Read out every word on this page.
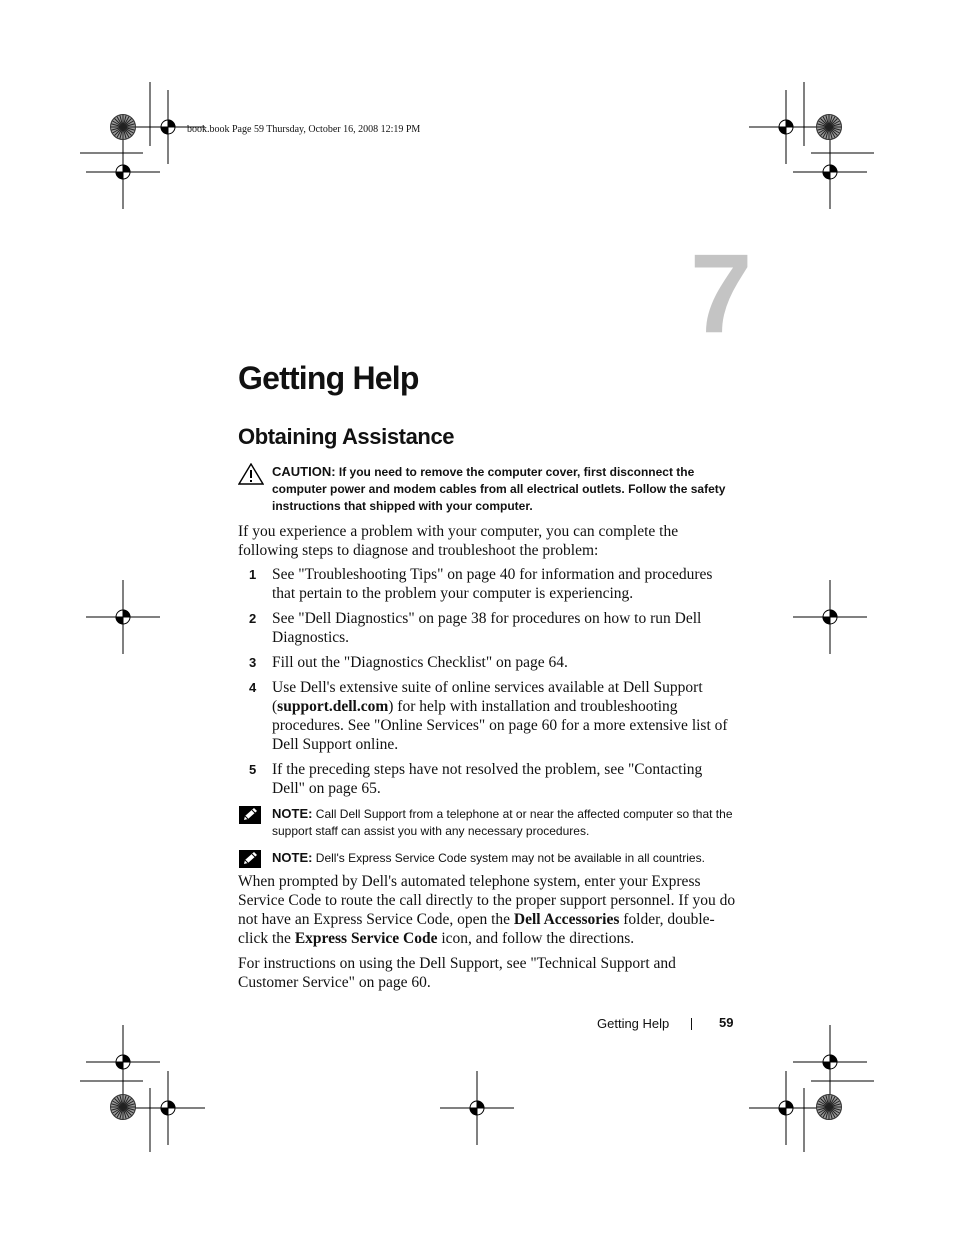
book.book Page 59 Thursday, October 16, 2008 12:19 PM
7
Getting Help
Obtaining Assistance
CAUTION: If you need to remove the computer cover, first disconnect the computer power and modem cables from all electrical outlets. Follow the safety instructions that shipped with your computer.

If you experience a problem with your computer, you can complete the following steps to diagnose and troubleshoot the problem:

1 See "Troubleshooting Tips" on page 40 for information and procedures that pertain to the problem your computer is experiencing.
2 See "Dell Diagnostics" on page 38 for procedures on how to run Dell Diagnostics.
3 Fill out the "Diagnostics Checklist" on page 64.
4 Use Dell's extensive suite of online services available at Dell Support (support.dell.com) for help with installation and troubleshooting procedures. See "Online Services" on page 60 for a more extensive list of Dell Support online.
5 If the preceding steps have not resolved the problem, see "Contacting Dell" on page 65.
NOTE: Call Dell Support from a telephone at or near the affected computer so that the support staff can assist you with any necessary procedures.
NOTE: Dell's Express Service Code system may not be available in all countries.

When prompted by Dell's automated telephone system, enter your Express Service Code to route the call directly to the proper support personnel. If you do not have an Express Service Code, open the Dell Accessories folder, double-click the Express Service Code icon, and follow the directions.

For instructions on using the Dell Support, see "Technical Support and Customer Service" on page 60.

Getting Help	59
